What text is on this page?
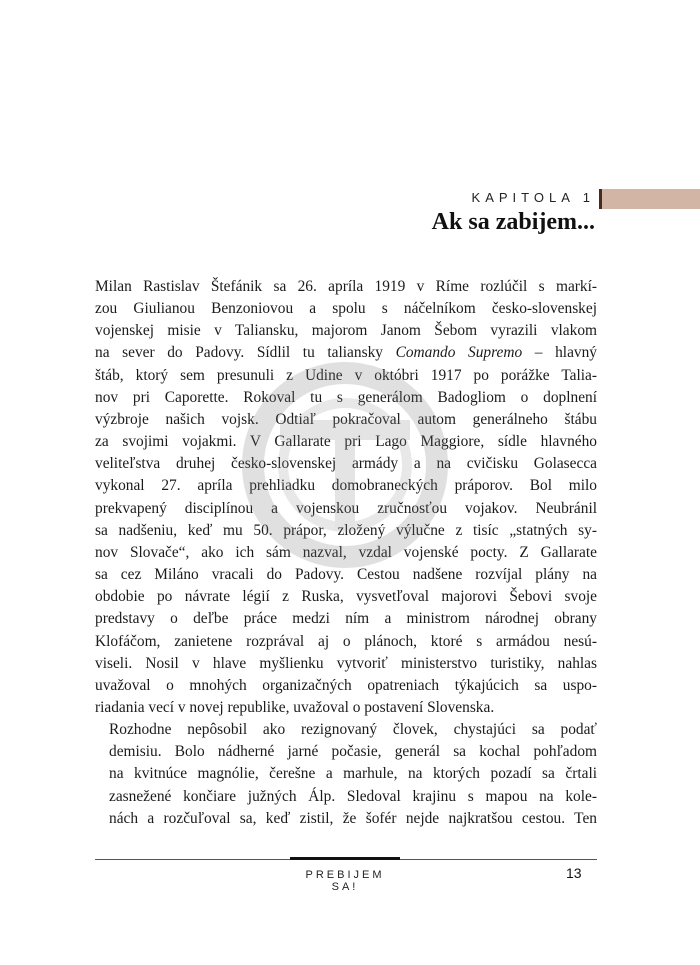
KAPITOLA 1
Ak sa zabijem...

Milan Rastislav Štefánik sa 26. apríla 1919 v Ríme rozlúčil s markí-
zou Giulianou Benzoniovou a spolu s náčelníkom česko-slovenskej
vojenskej misie v Taliansku, majorom Janom Šebom vyrazili vlakom
na sever do Padovy. Sídlil tu taliansky Comando Supremo – hlavný
štáb, ktorý sem presunuli z Udine v októbri 1917 po porážke Talia-
nov pri Caporette. Rokoval tu s generálom Badogliom o doplnení
výzbroje našich vojsk. Odtiaľ pokračoval autom generálneho štábu
za svojimi vojakmi. V Gallarate pri Lago Maggiore, sídle hlavného
veliteľstva druhej česko-slovenskej armády a na cvičisku Golasecca
vykonal 27. apríla prehliadku domobraneckých práporov. Bol milo
prekvapený disciplínou a vojenskou zručnosťou vojakov. Neubránil
sa nadšeniu, keď mu 50. prápor, zložený výlučne z tisíc „statných sy-
nov Slovače“, ako ich sám nazval, vzdal vojenské pocty. Z Gallarate
sa cez Miláno vracali do Padovy. Cestou nadšene rozvíjal plány na
obdobie po návrate légií z Ruska, vysvetľoval majorovi Šebovi svoje
predstavy o deľbe práce medzi ním a ministrom národnej obrany
Klofáčom, zanietene rozprával aj o plánoch, ktoré s armádou nesú-
viseli. Nosil v hlave myšlienku vytvoriť ministerstvo turistiky, nahlas
uvažoval o mnohých organizačných opatreniach týkajúcich sa uspo-
riadania vecí v novej republike, uvažoval o postavení Slovenska.

Rozhodne nepôsobil ako rezignovaný človek, chystajúci sa podať
demisiu. Bolo nádherné jarné počasie, generál sa kochal pohľadom
na kvitnúce magnólie, čerešne a marhule, na ktorých pozadí sa črtali
zasnežené končiare južných Álp. Sledoval krajinu s mapou na kole-
nách a rozčuľoval sa, keď zistil, že šofér nejde najkratšou cestou. Ten

PREBIJEM SA!
13
